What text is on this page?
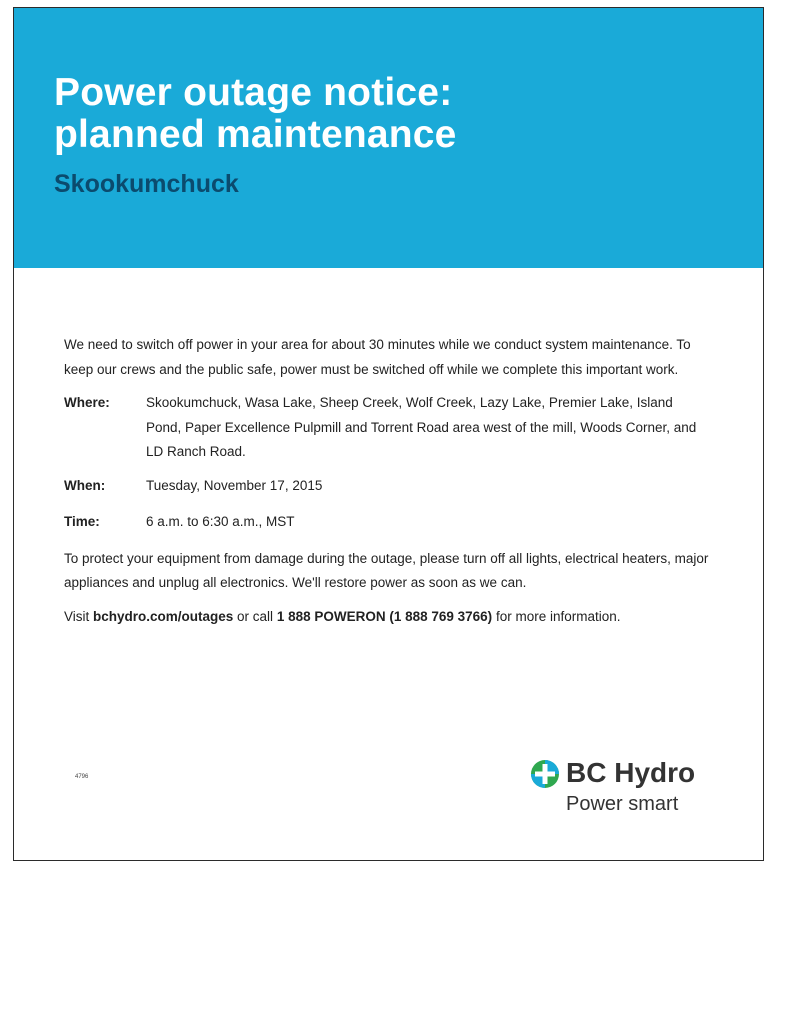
Power outage notice:
planned maintenance
Skookumchuck

We need to switch off power in your area for about 30 minutes while we conduct system maintenance. To keep our crews and the public safe, power must be switched off while we complete this important work.

Where:	Skookumchuck, Wasa Lake, Sheep Creek, Wolf Creek, Lazy Lake, Premier Lake, Island Pond, Paper Excellence Pulpmill and Torrent Road area west of the mill, Woods Corner, and LD Ranch Road.
When:	Tuesday, November 17, 2015
Time:	6 a.m. to 6:30 a.m., MST

To protect your equipment from damage during the outage, please turn off all lights, electrical heaters, major appliances and unplug all electronics. We'll restore power as soon as we can.

Visit bchydro.com/outages or call 1 888 POWERON (1 888 769 3766) for more information.

4796	BC Hydro

Power smart
